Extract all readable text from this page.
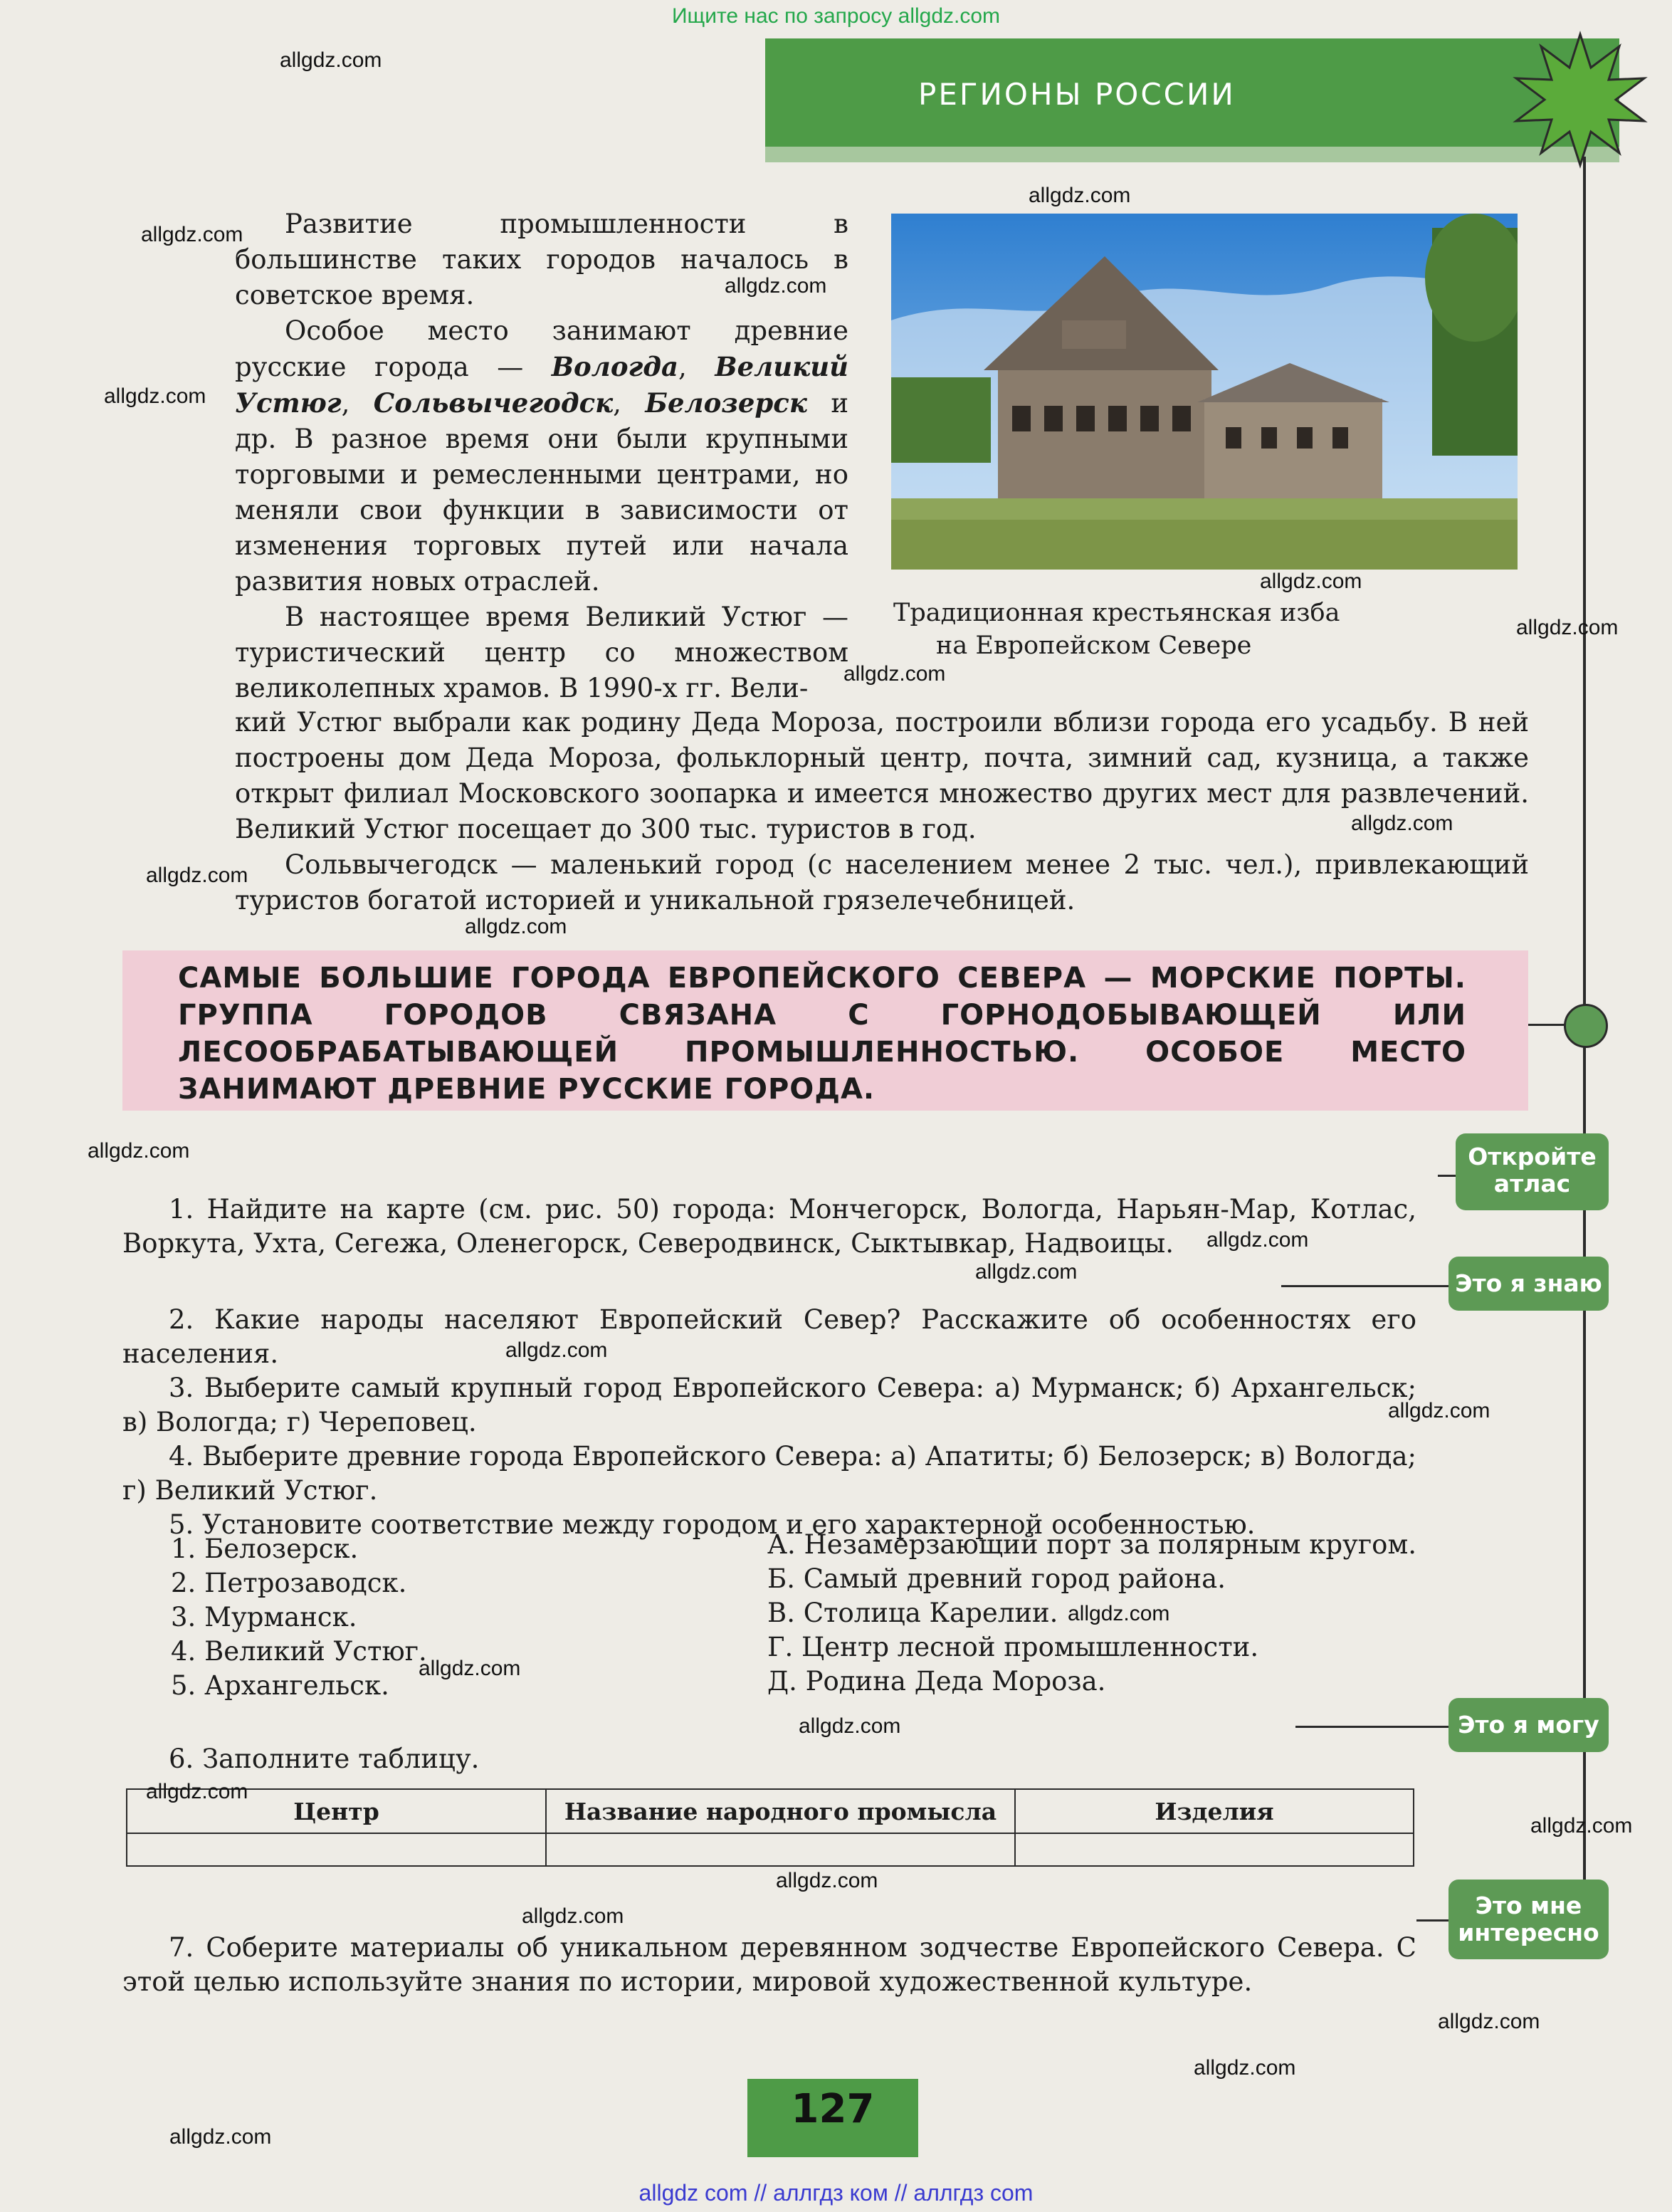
Ищите нас по запросу allgdz.com
РЕГИОНЫ РОССИИ

Развитие промышленности в большинстве таких городов началось в советское время.

Особое место занимают древние русские города — Вологда, Великий Устюг, Сольвычегодск, Белозерск и др. В разное время они были крупными торговыми и ремесленными центрами, но меняли свои функции в зависимости от изменения торговых путей или начала развития новых отраслей.

В настоящее время Великий Устюг — туристический центр со множеством великолепных храмов. В 1990-х гг. Вели-

кий Устюг выбрали как родину Деда Мороза, построили вблизи города его усадьбу. В ней построены дом Деда Мороза, фольклорный центр, почта, зимний сад, кузница, а также открыт филиал Московского зоопарка и имеется множество других мест для развлечений. Великий Устюг посещает до 300 тыс. туристов в год.

Сольвычегодск — маленький город (с населением менее 2 тыс. чел.), привлекающий туристов богатой историей и уникальной грязелечебницей.

Традиционная крестьянская изба
на Европейском Севере
САМЫЕ БОЛЬШИЕ ГОРОДА ЕВРОПЕЙСКОГО СЕВЕРА — МОРСКИЕ ПОРТЫ. ГРУППА ГОРОДОВ СВЯЗАНА С ГОРНОДОБЫВАЮЩЕЙ ИЛИ ЛЕСООБРАБАТЫВАЮЩЕЙ ПРОМЫШЛЕННОСТЬЮ. ОСОБОЕ МЕСТО ЗАНИМАЮТ ДРЕВНИЕ РУССКИЕ ГОРОДА.
Откройте
атлас
Это я знаю
Это я могу
Это мне
интересно

1. Найдите на карте (см. рис. 50) города: Мончегорск, Вологда, Нарьян-Мар, Котлас, Воркута, Ухта, Сегежа, Оленегорск, Северодвинск, Сыктывкар, Надвоицы.

2. Какие народы населяют Европейский Север? Расскажите об особенностях его населения.

3. Выберите самый крупный город Европейского Севера: а) Мурманск; б) Архангельск; в) Вологда; г) Череповец.

4. Выберите древние города Европейского Севера: а) Апатиты; б) Белозерск; в) Вологда; г) Великий Устюг.

5. Установите соответствие между городом и его характерной особенностью.

1. Белозерск.
2. Петрозаводск.
3. Мурманск.
4. Великий Устюг.
5. Архангельск.
А. Незамерзающий порт за полярным кругом.
Б. Самый древний город района.
В. Столица Карелии.
Г. Центр лесной промышленности.
Д. Родина Деда Мороза.
6. Заполните таблицу.
Центр	Название народного промысла	Изделия

7. Соберите материалы об уникальном деревянном зодчестве Европейского Севера. С этой целью используйте знания по истории, мировой художественной культуре.

127
allgdz.com
allgdz.com
allgdz.com
allgdz.com
allgdz.com
allgdz.com
allgdz.com
allgdz.com
allgdz.com
allgdz.com
allgdz.com
allgdz.com
allgdz.com
allgdz.com
allgdz.com
allgdz.com
allgdz.com
allgdz.com
allgdz.com
allgdz.com
allgdz.com
allgdz.com
allgdz.com
allgdz.com
allgdz.com
allgdz.com
allgdz com // аллгдз ком // аллгдз com
